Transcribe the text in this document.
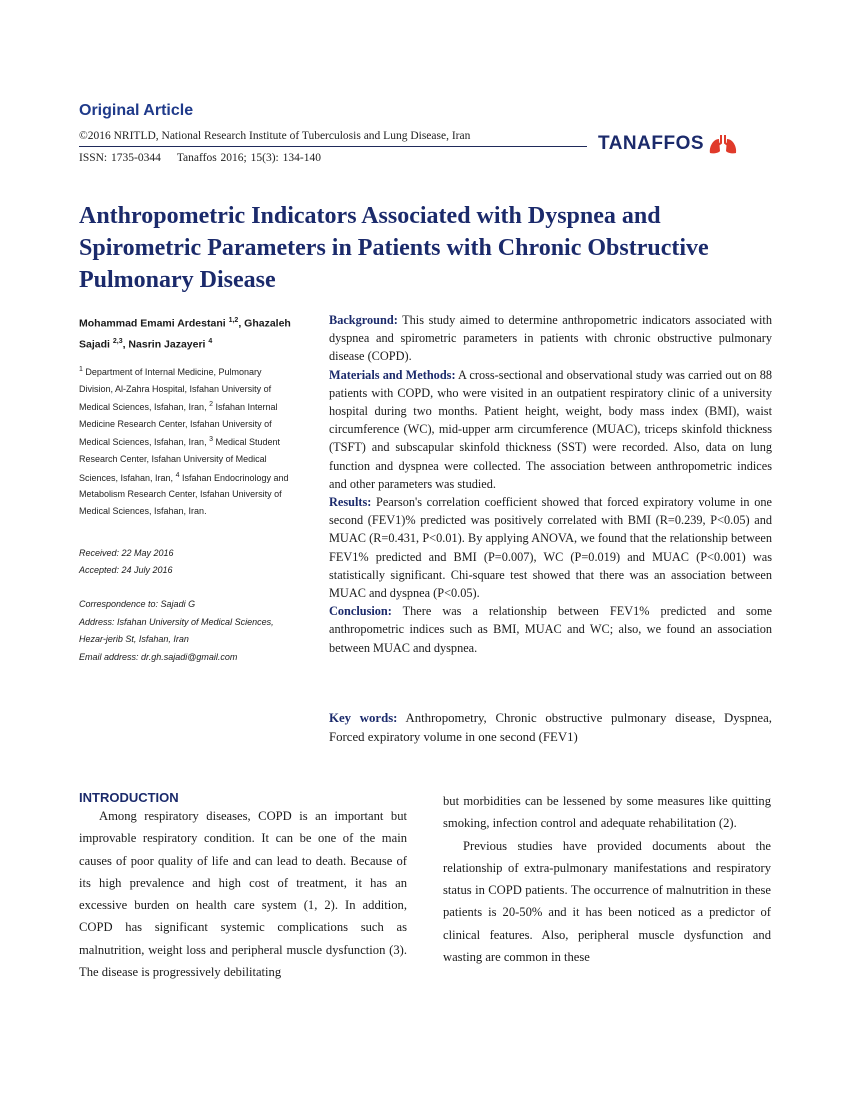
Original Article
©2016 NRITLD, National Research Institute of Tuberculosis and Lung Disease, Iran
ISSN: 1735-0344 Tanaffos 2016; 15(3): 134-140
TANAFFOS
Anthropometric Indicators Associated with Dyspnea and Spirometric Parameters in Patients with Chronic Obstructive Pulmonary Disease
Mohammad Emami Ardestani $^{1,2}$, Ghazaleh Sajadi $^{2,3}$, Nasrin Jazayeri $^4$
$^1$ Department of Internal Medicine, Pulmonary Division, Al-Zahra Hospital, Isfahan University of Medical Sciences, Isfahan, Iran, $^2$ Isfahan Internal Medicine Research Center, Isfahan University of Medical Sciences, Isfahan, Iran, $^3$ Medical Student Research Center, Isfahan University of Medical Sciences, Isfahan, Iran, $^4$ Isfahan Endocrinology and Metabolism Research Center, Isfahan University of Medical Sciences, Isfahan, Iran.
Received: 22 May 2016
Accepted: 24 July 2016
Correspondence to: Sajadi G
Address: Isfahan University of Medical Sciences,
Hezar-jerib St, Isfahan, Iran
Email address: dr.gh.sajadi@gmail.com
Background: This study aimed to determine anthropometric indicators associated with dyspnea and spirometric parameters in patients with chronic obstructive pulmonary disease (COPD).
Materials and Methods: A cross-sectional and observational study was carried out on 88 patients with COPD, who were visited in an outpatient respiratory clinic of a university hospital during two months. Patient height, weight, body mass index (BMI), waist circumference (WC), mid-upper arm circumference (MUAC), triceps skinfold thickness (TSFT) and subscapular skinfold thickness (SST) were recorded. Also, data on lung function and dyspnea were collected. The association between anthropometric indices and other parameters was studied.
Results: Pearson's correlation coefficient showed that forced expiratory volume in one second (FEV1)% predicted was positively correlated with BMI (R=0.239, P<0.05) and MUAC (R=0.431, P<0.01). By applying ANOVA, we found that the relationship between FEV1% predicted and BMI (P=0.007), WC (P=0.019) and MUAC (P<0.001) was statistically significant. Chi-square test showed that there was an association between MUAC and dyspnea (P<0.05).
Conclusion: There was a relationship between FEV1% predicted and some anthropometric indices such as BMI, MUAC and WC; also, we found an association between MUAC and dyspnea.
Key words: Anthropometry, Chronic obstructive pulmonary disease, Dyspnea, Forced expiratory volume in one second (FEV1)
INTRODUCTION

Among respiratory diseases, COPD is an important but improvable respiratory condition. It can be one of the main causes of poor quality of life and can lead to death. Because of its high prevalence and high cost of treatment, it has an excessive burden on health care system (1, 2). In addition, COPD has significant systemic complications such as malnutrition, weight loss and peripheral muscle dysfunction (3). The disease is progressively debilitating

but morbidities can be lessened by some measures like quitting smoking, infection control and adequate rehabilitation (2).

Previous studies have provided documents about the relationship of extra-pulmonary manifestations and respiratory status in COPD patients. The occurrence of malnutrition in these patients is 20-50% and it has been noticed as a predictor of clinical features. Also, peripheral muscle dysfunction and wasting are common in these
